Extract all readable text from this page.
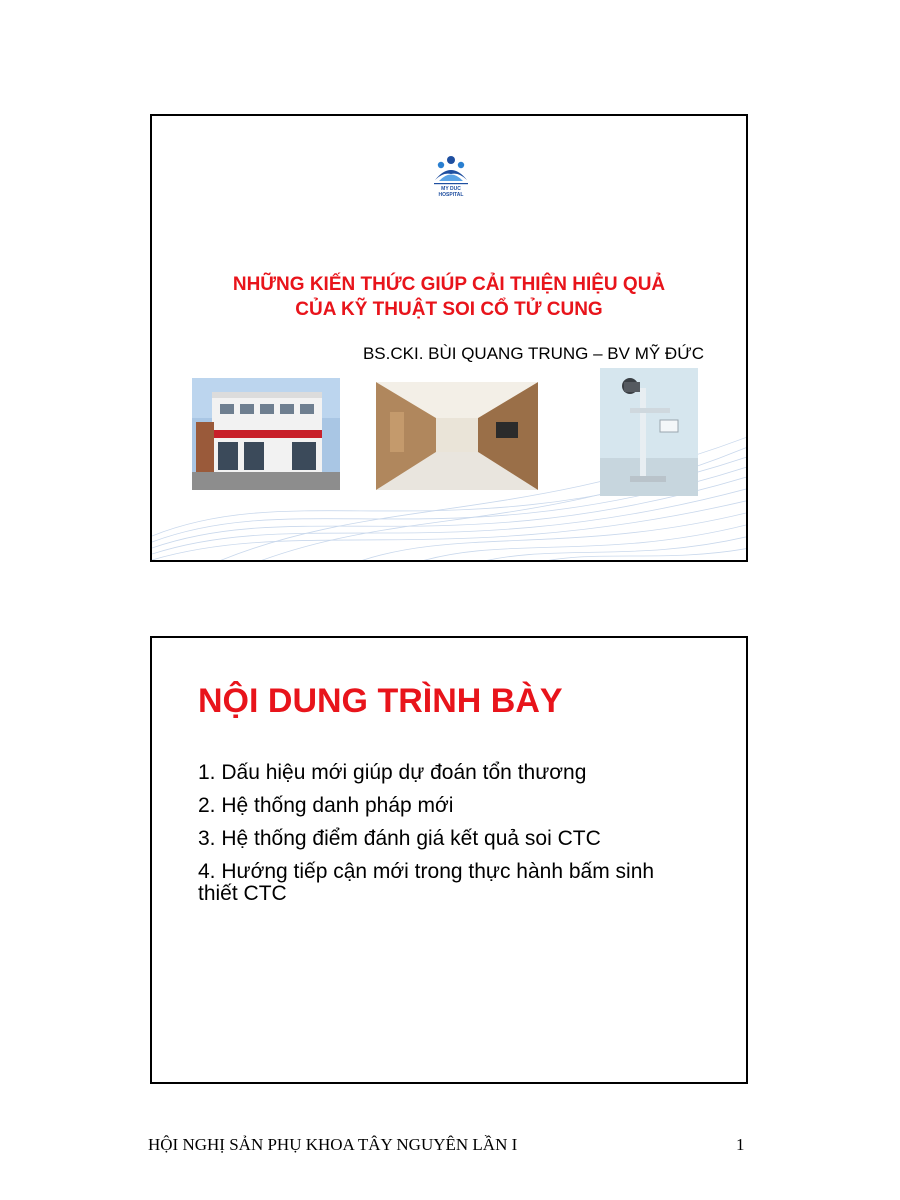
MY DUC
HOSPITAL
NHỮNG KIẾN THỨC GIÚP CẢI THIỆN HIỆU QUẢ
CỦA KỸ THUẬT SOI CỔ TỬ CUNG
BS.CKI. BÙI QUANG TRUNG – BV MỸ ĐỨC
NỘI DUNG TRÌNH BÀY
1. Dấu hiệu mới giúp dự đoán tổn thương
2. Hệ thống danh pháp mới
3. Hệ thống điểm đánh giá kết quả soi CTC
4. Hướng tiếp cận mới trong thực hành bấm sinh thiết CTC
HỘI NGHỊ SẢN PHỤ KHOA TÂY NGUYÊN LẦN I	1
